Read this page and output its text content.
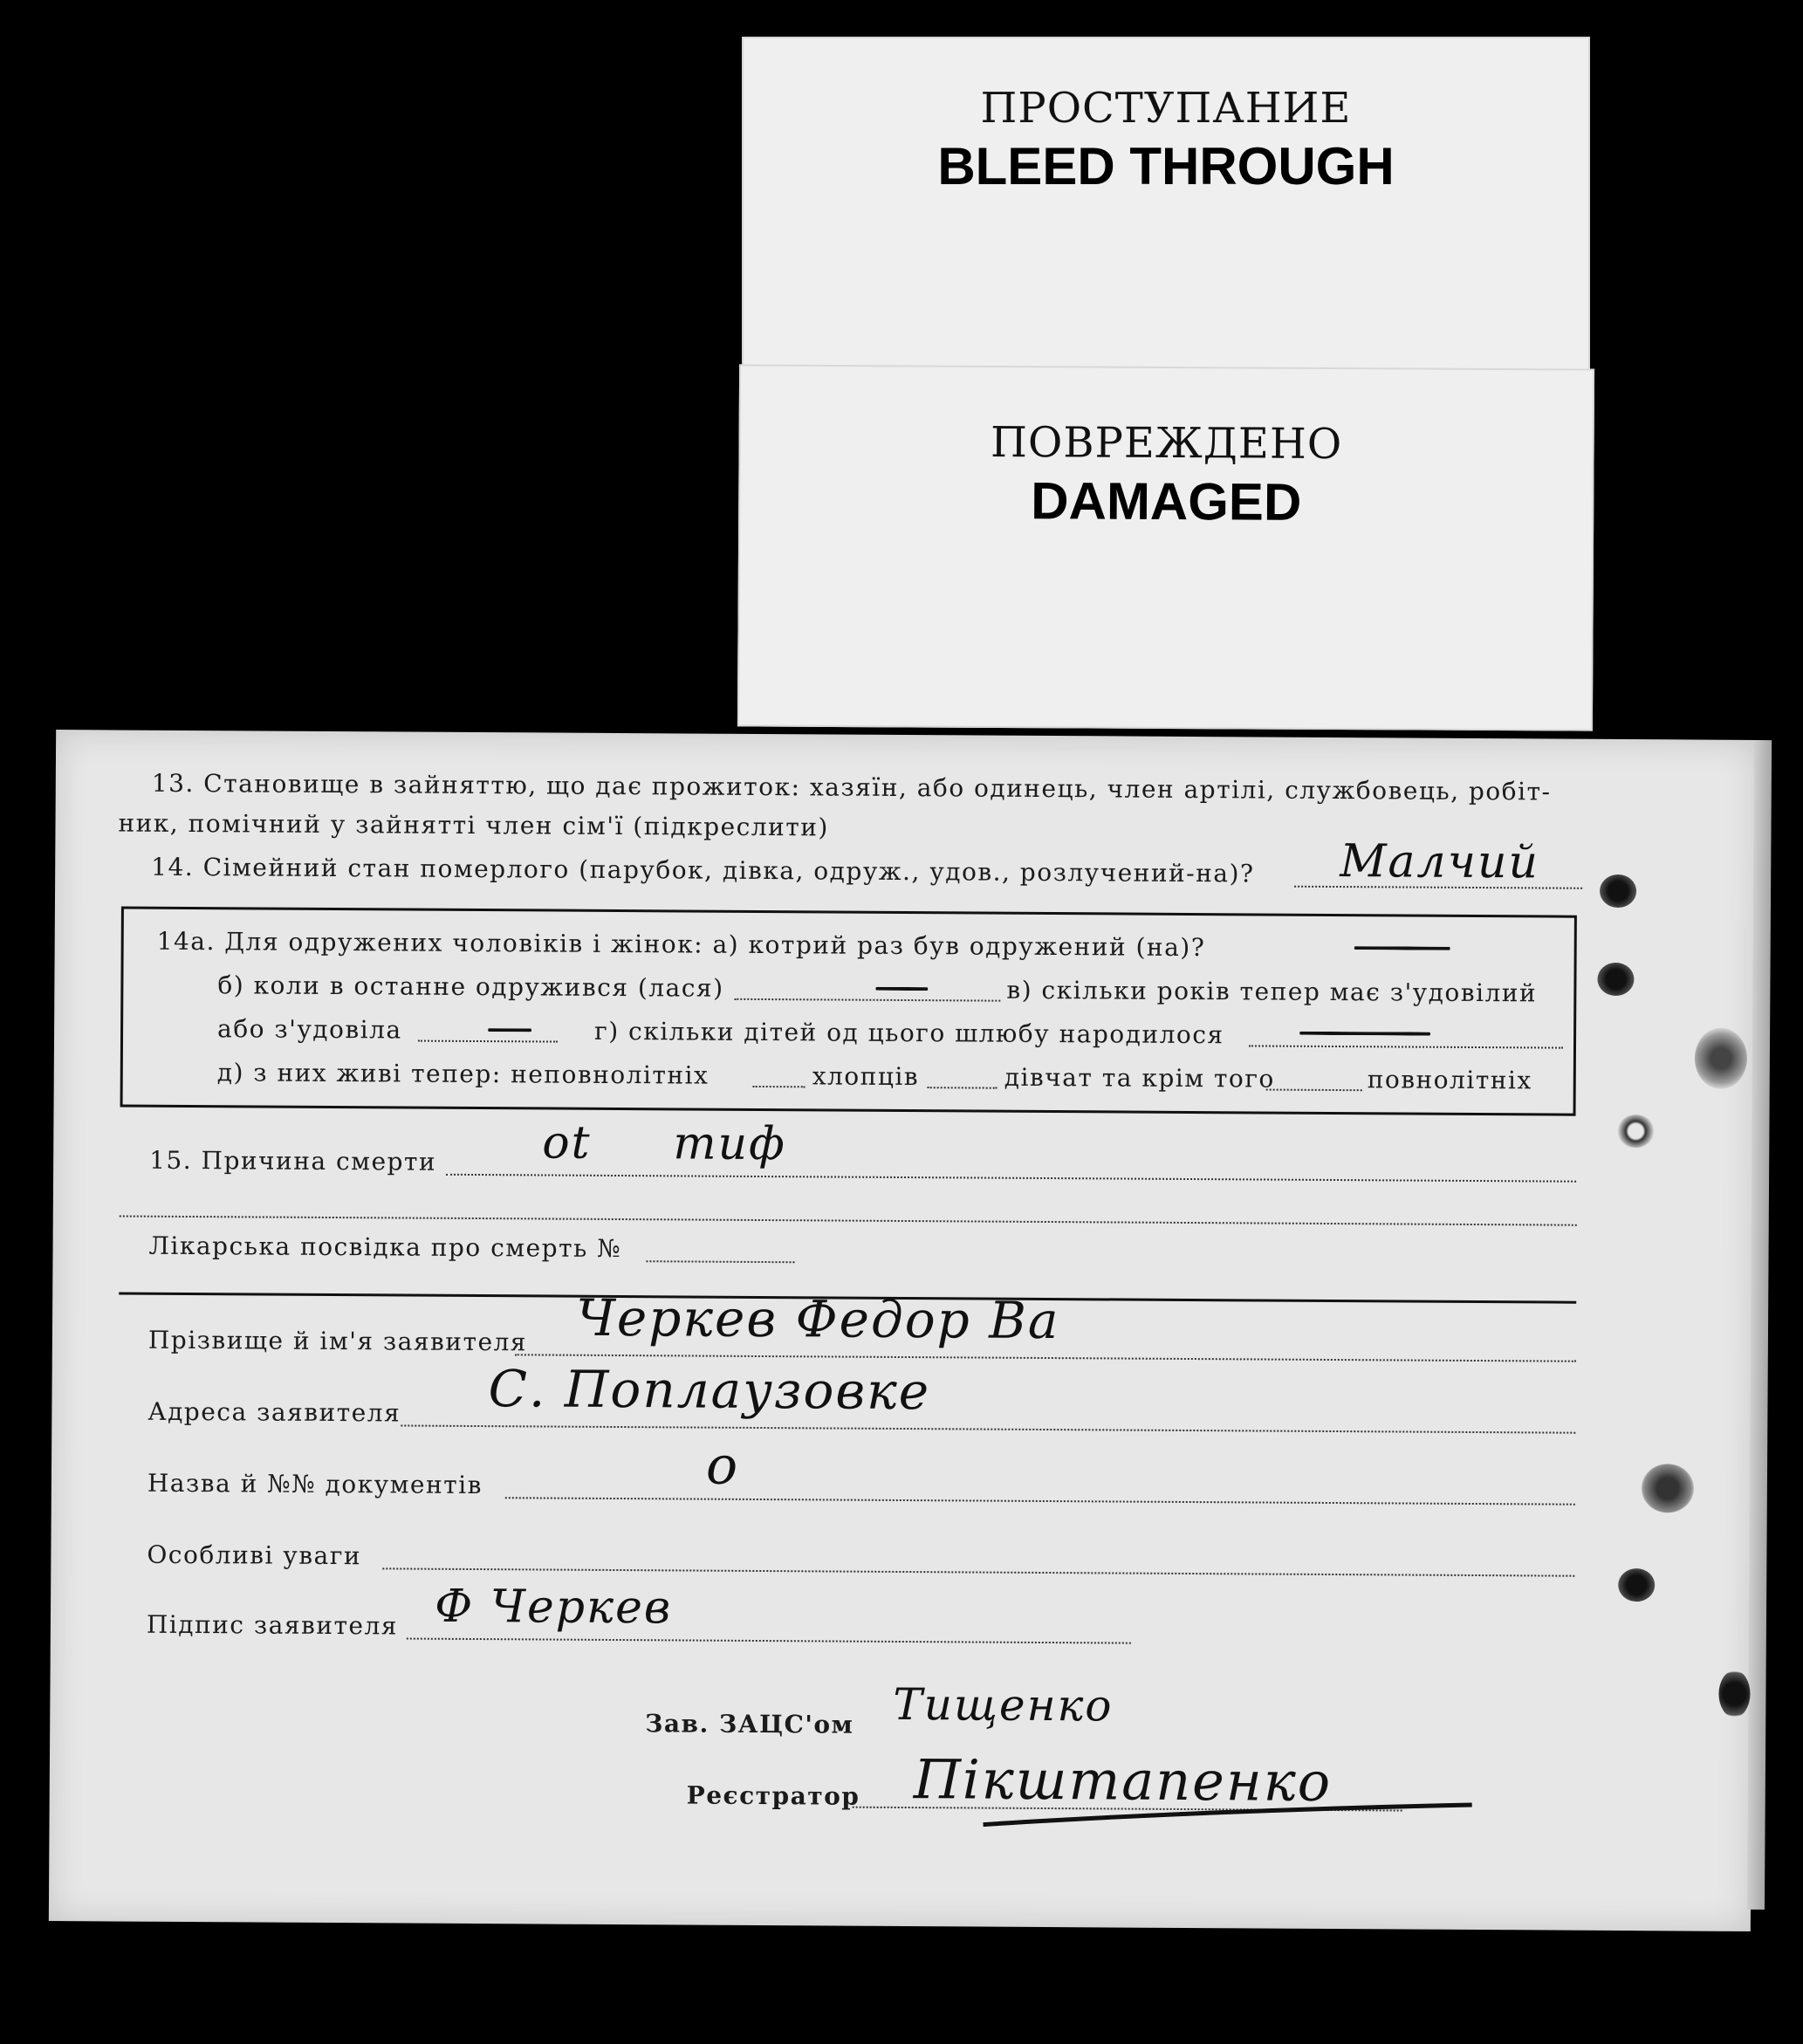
ПРОСТУПАНИЕ
BLEED THROUGH
ПОВРЕЖДЕНО
DAMAGED
13. Становище в зайняттю, що дає прожиток: хазяїн, або одинець, член артілі, службовець, робіт-
ник, помічний у зайнятті член сім'ї (підкреслити)
14. Сімейний стан померлого (парубок, дівка, одруж., удов., розлучений-на)? Малчий
14а. Для одружених чоловіків і жінок: а) котрий раз був одружений (на)?
б) коли в останне одружився (лася)	в) скільки років тепер має з'удовілий
або з'удовіла	г) скільки дітей од цього шлюбу народилося
д) з них живі тепер: неповнолітніх	хлопців	дівчат та крім того	повнолітніх
15. Причина смерти ot тиф
Лікарська посвідка про смерть №
Прізвище й ім'я заявителя Черкев Федор Ва
Адреса заявителя С. Поплаузовке
Назва й №№ документів	о
Особливі уваги
Підпис заявителя Ф Черкев
Зав. ЗАЦС'ом Тищенко
Реєстратор Пікштапенко
